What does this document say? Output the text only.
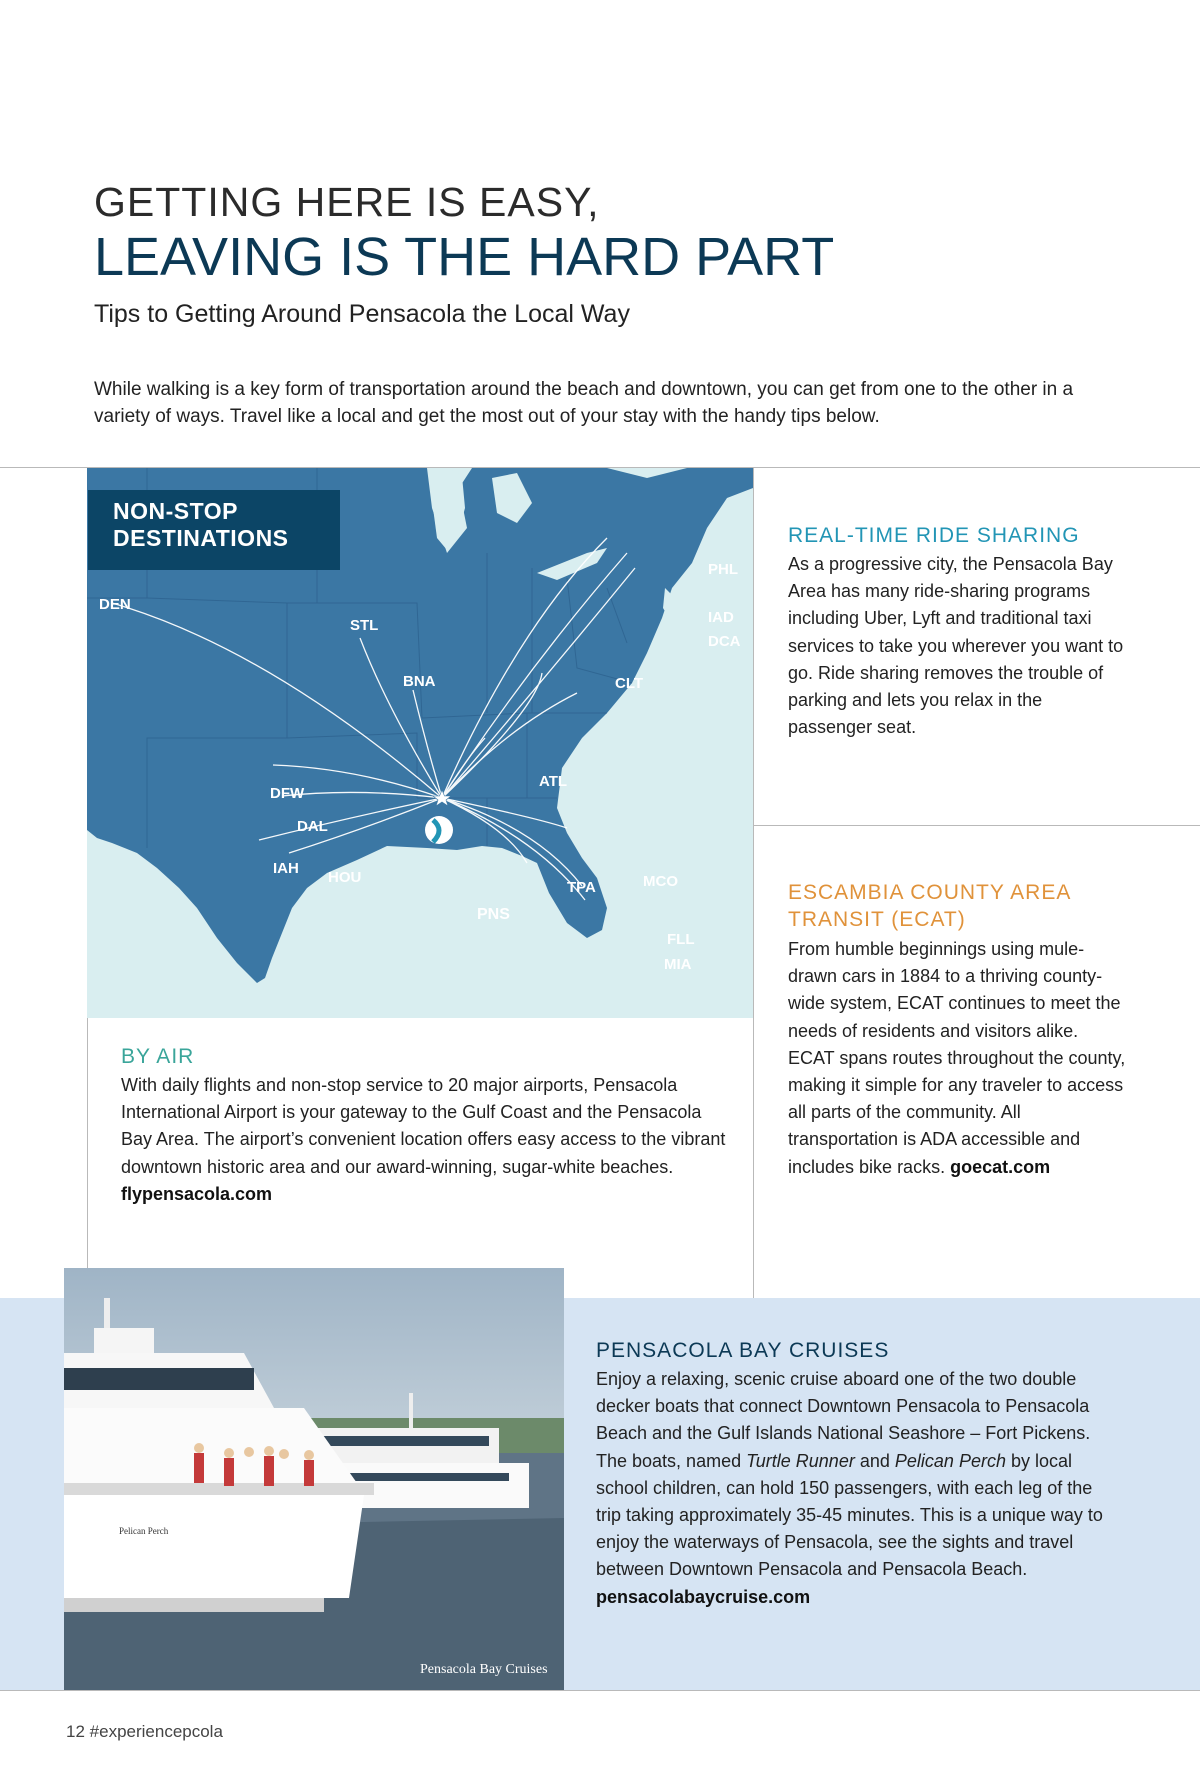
GETTING HERE IS EASY,
LEAVING IS THE HARD PART
Tips to Getting Around Pensacola the Local Way
While walking is a key form of transportation around the beach and downtown, you can get from one to the other in a variety of ways. Travel like a local and get the most out of your stay with the handy tips below.
DEN
STL
BNA
PHL
IAD
DCA
CLT
ATL
DFW
DAL
IAH
HOU
TPA	MCO
FLL
MIA
PNS
NON-STOP
DESTINATIONS
BY AIR
With daily flights and non-stop service to 20 major airports, Pensacola International Airport is your gateway to the Gulf Coast and the Pensacola Bay Area. The airport’s convenient location offers easy access to the vibrant downtown historic area and our award-winning, sugar-white beaches. flypensacola.com
REAL-TIME RIDE SHARING
As a progressive city, the Pensacola Bay Area has many ride-sharing programs including Uber, Lyft and traditional taxi services to take you wherever you want to go. Ride sharing removes the trouble of parking and lets you relax in the passenger seat.
ESCAMBIA COUNTY AREA
TRANSIT (ECAT)
From humble beginnings using mule-drawn cars in 1884 to a thriving county-wide system, ECAT continues to meet the needs of residents and visitors alike. ECAT spans routes throughout the county, making it simple for any traveler to access all parts of the community. All transportation is ADA accessible and includes bike racks. goecat.com
Pelican Perch
Pensacola Bay Cruises
PENSACOLA BAY CRUISES
Enjoy a relaxing, scenic cruise aboard one of the two double decker boats that connect Downtown Pensacola to Pensacola Beach and the Gulf Islands National Seashore – Fort Pickens. The boats, named Turtle Runner and Pelican Perch by local school children, can hold 150 passengers, with each leg of the trip taking approximately 35-45 minutes. This is a unique way to enjoy the waterways of Pensacola, see the sights and travel between Downtown Pensacola and Pensacola Beach. pensacolabaycruise.com
12 #experiencepcola
